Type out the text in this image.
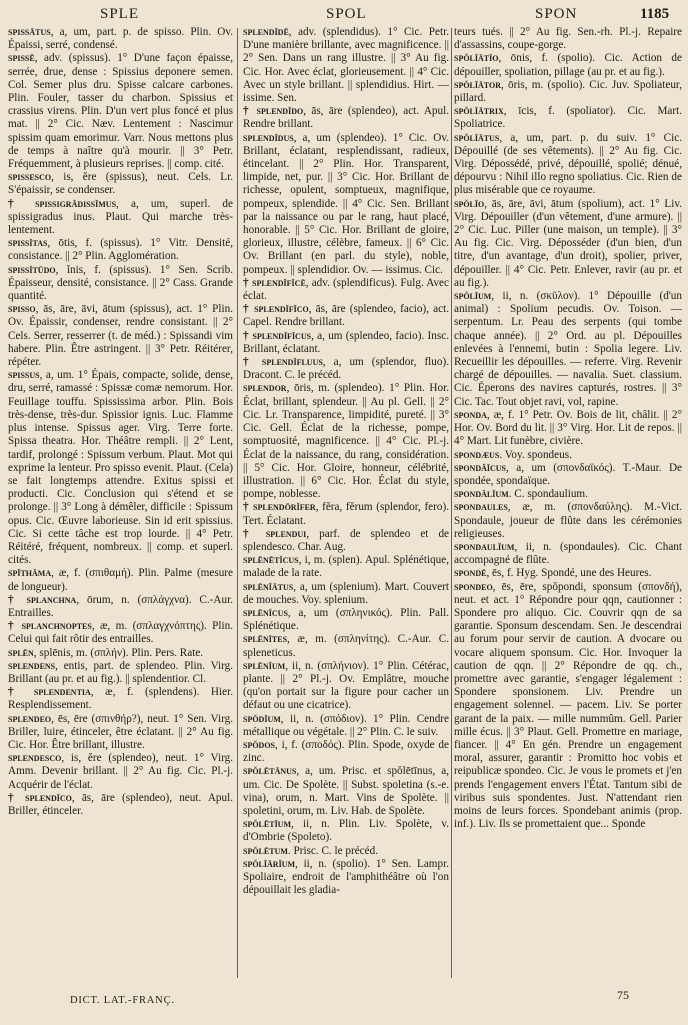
SPLE	SPOL	SPON	1185

spissātus, a, um, part. p. de spisso. Plin. Ov. Épaissi, serré, condensé.

spissē, adv. (spissus). 1° D'une façon épaisse, serrée, drue, dense : Spissius deponere semen. Col. Semer plus dru. Spisse calcare carbones. Plin. Fouler, tasser du charbon. Spissius et crassius virens. Plin. D'un vert plus foncé et plus mat. || 2° Cic. Næv. Lentement : Nascimur spissim quam emorimur. Varr. Nous mettons plus de temps à naître qu'à mourir. || 3° Petr. Fréquemment, à plusieurs reprises. || comp. cité.

spissesco, is, ĕre (spissus), neut. Cels. Lr. S'épaissir, se condenser.

† spissigrădissĭmus, a, um, superl. de spissigradus inus. Plaut. Qui marche très-lentement.

spissĭtas, ōtis, f. (spissus). 1° Vitr. Densité, consistance. || 2° Plin. Agglomération.

spissĭtūdo, ĭnis, f. (spissus). 1° Sen. Scrib. Épaisseur, densité, consistance. || 2° Cass. Grande quantité.

spisso, ās, āre, āvi, ātum (spissus), act. 1° Plin. Ov. Épaissir, condenser, rendre consistant. || 2° Cels. Serrer, resserrer (t. de méd.) : Spissandi vim habere. Plin. Être astringent. || 3° Petr. Réitérer, répéter.

spissus, a, um. 1° Épais, compacte, solide, dense, dru, serré, ramassé : Spissæ comæ nemorum. Hor. Feuillage touffu. Spississima arbor. Plin. Bois très-dense, très-dur. Spissior ignis. Luc. Flamme plus intense. Spissus ager. Virg. Terre forte. Spissa theatra. Hor. Théâtre rempli. || 2° Lent, tardif, prolongé : Spissum verbum. Plaut. Mot qui exprime la lenteur. Pro spisso evenit. Plaut. (Cela) se fait longtemps attendre. Exitus spissi et producti. Cic. Conclusion qui s'étend et se prolonge. || 3° Long à démêler, difficile : Spissum opus. Cic. Œuvre laborieuse. Sin id erit spissius. Cic. Si cette tâche est trop lourde. || 4° Petr. Réitéré, fréquent, nombreux. || comp. et superl. cités.

spĭthăma, æ, f. (σπιθαμή). Plin. Palme (mesure de longueur).

† splanchna, ōrum, n. (σπλάγχνα). C.-Aur. Entrailles.

† splanchnoptes, æ, m. (σπλαγχνόπτης). Plin. Celui qui fait rôtir des entrailles.

splēn, splēnis, m. (σπλήν). Plin. Pers. Rate.

splendens, entis, part. de splendeo. Plin. Virg. Brillant (au pr. et au fig.). || splendentior. Cl.

† splendentia, æ, f. (splendens). Hier. Resplendissement.

splendeo, ēs, ēre (σπινθήρ?), neut. 1° Sen. Virg. Briller, luire, étinceler, être éclatant. || 2° Au fig. Cic. Hor. Être brillant, illustre.

splendesco, is, ĕre (splendeo), neut. 1° Virg. Amm. Devenir brillant. || 2° Au fig. Cic. Pl.-j. Acquérir de l'éclat.

† splendĭco, ās, āre (splendeo), neut. Apul. Briller, étinceler.

splendĭdē, adv. (splendidus). 1° Cic. Petr. D'une manière brillante, avec magnificence. || 2° Sen. Dans un rang illustre. || 3° Au fig. Cic. Hor. Avec éclat, glorieusement. || 4° Cic. Avec un style brillant. || splendidius. Hirt. — issime. Sen.

† splendĭdo, ās, āre (splendeo), act. Apul. Rendre brillant.

splendĭdus, a, um (splendeo). 1° Cic. Ov. Brillant, éclatant, resplendissant, radieux, étincelant. || 2° Plin. Hor. Transparent, limpide, net, pur. || 3° Cic. Hor. Brillant de richesse, opulent, somptueux, magnifique, pompeux, splendide. || 4° Cic. Sen. Brillant par la naissance ou par le rang, haut placé, honorable. || 5° Cic. Hor. Brillant de gloire, glorieux, illustre, célèbre, fameux. || 6° Cic. Ov. Brillant (en parl. du style), noble, pompeux. || splendidior. Ov. — issimus. Cic.

† splendĭfĭcē, adv. (splendificus). Fulg. Avec éclat.

† splendĭfĭco, ās, āre (splendeo, facio), act. Capel. Rendre brillant.

† splendĭfĭcus, a, um (splendeo, facio). Insc. Brillant, éclatant.

† splendĭfluus, a, um (splendor, fluo). Dracont. C. le précéd.

splendor, ōris, m. (splendeo). 1° Plin. Hor. Éclat, brillant, splendeur. || Au pl. Gell. || 2° Cic. Lr. Transparence, limpidité, pureté. || 3° Cic. Gell. Éclat de la richesse, pompe, somptuosité, magnificence. || 4° Cic. Pl.-j. Éclat de la naissance, du rang, considération. || 5° Cic. Hor. Gloire, honneur, célébrité, illustration. || 6° Cic. Hor. Éclat du style, pompe, noblesse.

† splendōrĭfer, fĕra, fĕrum (splendor, fero). Tert. Éclatant.

† splendui, parf. de splendeo et de splendesco. Char. Aug.

splēnētĭcus, i, m. (splen). Apul. Splénétique, malade de la rate.

splēnĭātus, a, um (splenium). Mart. Couvert de mouches. Voy. splenium.

splēnĭcus, a, um (σπληνικός). Plin. Pall. Splénétique.

splēnītes, æ, m. (σπληνίτης). C.-Aur. C. spleneticus.

splēnĭum, ii, n. (σπλήνιον). 1° Plin. Cétérac, plante. || 2° Pl.-j. Ov. Emplâtre, mouche (qu'on portait sur la figure pour cacher un défaut ou une cicatrice).

spŏdĭum, ii, n. (σπόδιον). 1° Plin. Cendre métallique ou végétale. || 2° Plin. C. le suiv.

spŏdos, i, f. (σποδός). Plin. Spode, oxyde de zinc.

spŏlētānus, a, um. Prisc. et spŏlētīnus, a, um. Cic. De Spolète. || Subst. spoletina (s.-e. vina), orum, n. Mart. Vins de Spolète. || spoletini, orum, m. Liv. Hab. de Spolète.

spŏlētĭum, ii, n. Plin. Liv. Spolète, v. d'Ombrie (Spoleto).

spŏlētum. Prisc. C. le précéd.

spŏlĭārĭum, ii, n. (spolio). 1° Sen. Lampr. Spoliaire, endroit de l'amphithéâtre où l'on dépouillait les gladia-

teurs tués. || 2° Au fig. Sen.-rh. Pl.-j. Repaire d'assassins, coupe-gorge.

spŏlĭātĭo, ōnis, f. (spolio). Cic. Action de dépouiller, spoliation, pillage (au pr. et au fig.).

spŏlĭātor, ōris, m. (spolio). Cic. Juv. Spoliateur, pillard.

spŏlĭātrix, īcis, f. (spoliator). Cic. Mart. Spoliatrice.

spŏlĭātus, a, um, part. p. du suiv. 1° Cic. Dépouillé (de ses vêtements). || 2° Au fig. Cic. Virg. Dépossédé, privé, dépouillé, spolié; dénué, dépourvu : Nihil illo regno spoliatius. Cic. Rien de plus misérable que ce royaume.

spŏlĭo, ās, āre, āvi, ātum (spolium), act. 1° Liv. Virg. Dépouiller (d'un vêtement, d'une armure). || 2° Cic. Luc. Piller (une maison, un temple). || 3° Au fig. Cic. Virg. Déposséder (d'un bien, d'un titre, d'un avantage, d'un droit), spolier, priver, dépouiller. || 4° Cic. Petr. Enlever, ravir (au pr. et au fig.).

spŏlĭum, ii, n. (σκῦλον). 1° Dépouille (d'un animal) : Spolium pecudis. Ov. Toison. — serpentum. Lr. Peau des serpents (qui tombe chaque année). || 2° Ord. au pl. Dépouilles enlevées à l'ennemi, butin : Spolia legere. Liv. Recueillir les dépouilles. — referre. Virg. Revenir chargé de dépouilles. — navalia. Suet. classium. Cic. Éperons des navires capturés, rostres. || 3° Cic. Tac. Tout objet ravi, vol, rapine.

sponda, æ, f. 1° Petr. Ov. Bois de lit, châlit. || 2° Hor. Ov. Bord du lit. || 3° Virg. Hor. Lit de repos. || 4° Mart. Lit funèbre, civière.

spondæus. Voy. spondeus.

spondăĭcus, a, um (σπονδαϊκός). T.-Maur. De spondée, spondaïque.

spondălĭum. C. spondaulium.

spondaules, æ, m. (σπονδαύλης). M.-Vict. Spondaule, joueur de flûte dans les cérémonies religieuses.

spondaulĭum, ii, n. (spondaules). Cic. Chant accompagné de flûte.

spondē, ēs, f. Hyg. Spondé, une des Heures.

spondeo, ēs, ēre, spŏpondi, sponsum (σπονδή), neut. et act. 1° Répondre pour qqn, cautionner : Spondere pro aliquo. Cic. Couvrir qqn de sa garantie. Sponsum descendam. Sen. Je descendrai au forum pour servir de caution. A dvocare ou vocare aliquem sponsum. Cic. Hor. Invoquer la caution de qqn. || 2° Répondre de qq. ch., promettre avec garantie, s'engager légalement : Spondere sponsionem. Liv. Prendre un engagement solennel. — pacem. Liv. Se porter garant de la paix. — mille nummûm. Gell. Parier mille écus. || 3° Plaut. Gell. Promettre en mariage, fiancer. || 4° En gén. Prendre un engagement moral, assurer, garantir : Promitto hoc vobis et reipublicæ spondeo. Cic. Je vous le promets et j'en prends l'engagement envers l'État. Tantum sibi de viribus suis spondentes. Just. N'attendant rien moins de leurs forces. Spondebant animis (prop. inf.). Liv. Ils se promettaient que... Sponde

DICT. LAT.-FRANÇ.	75
